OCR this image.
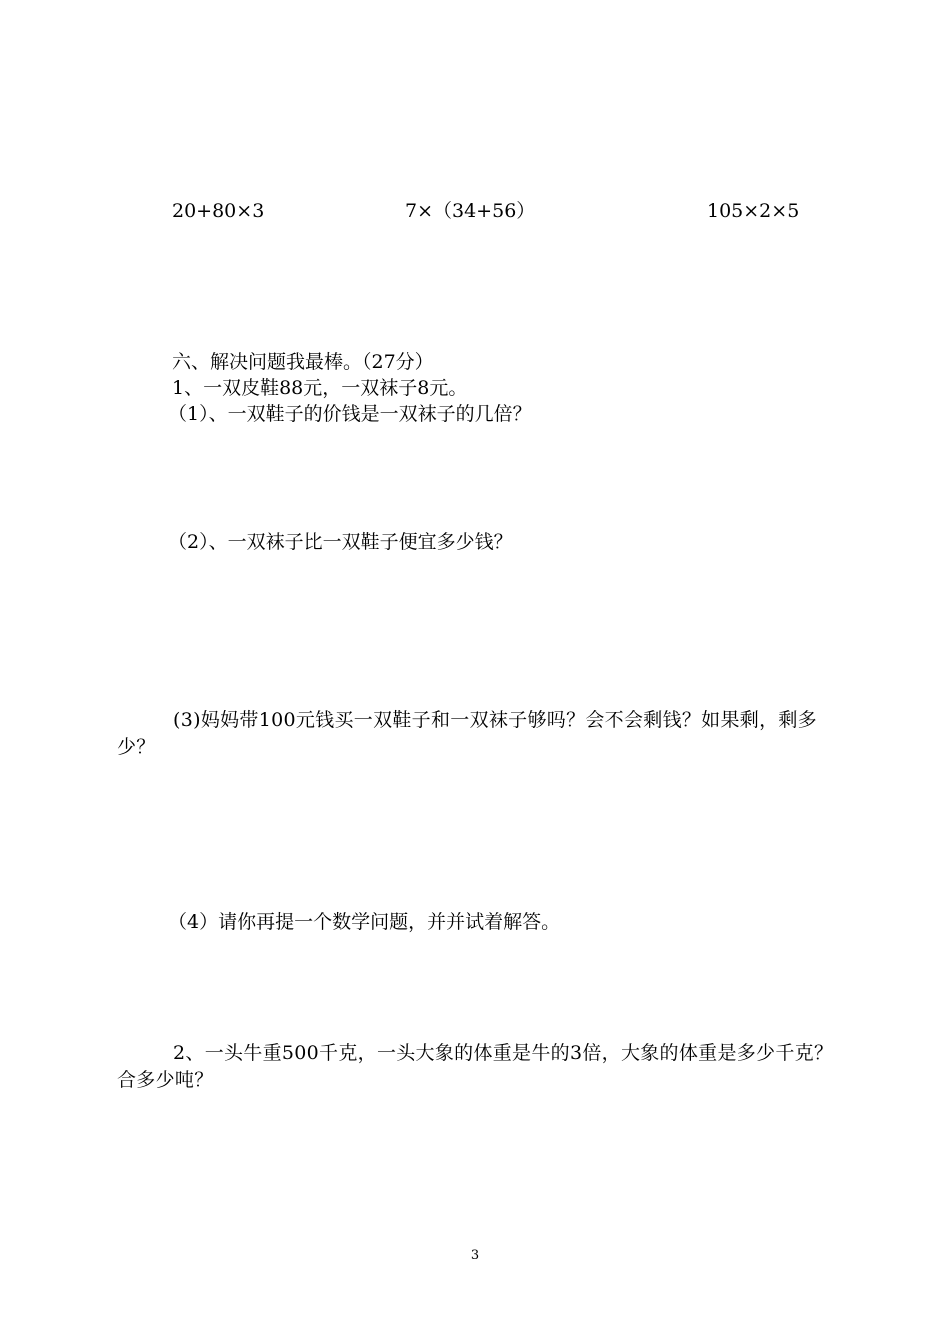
20+80×3	7×（34+56）	105×2×5
六、解决问题我最棒。（27分）
1、一双皮鞋88元，一双袜子8元。
（1）、一双鞋子的价钱是一双袜子的几倍？
（2）、一双袜子比一双鞋子便宜多少钱？
(3)妈妈带100元钱买一双鞋子和一双袜子够吗？会不会剩钱？如果剩，剩多少？
（4）请你再提一个数学问题，并并试着解答。
2、一头牛重500千克，一头大象的体重是牛的3倍，大象的体重是多少千克？合多少吨？
3
